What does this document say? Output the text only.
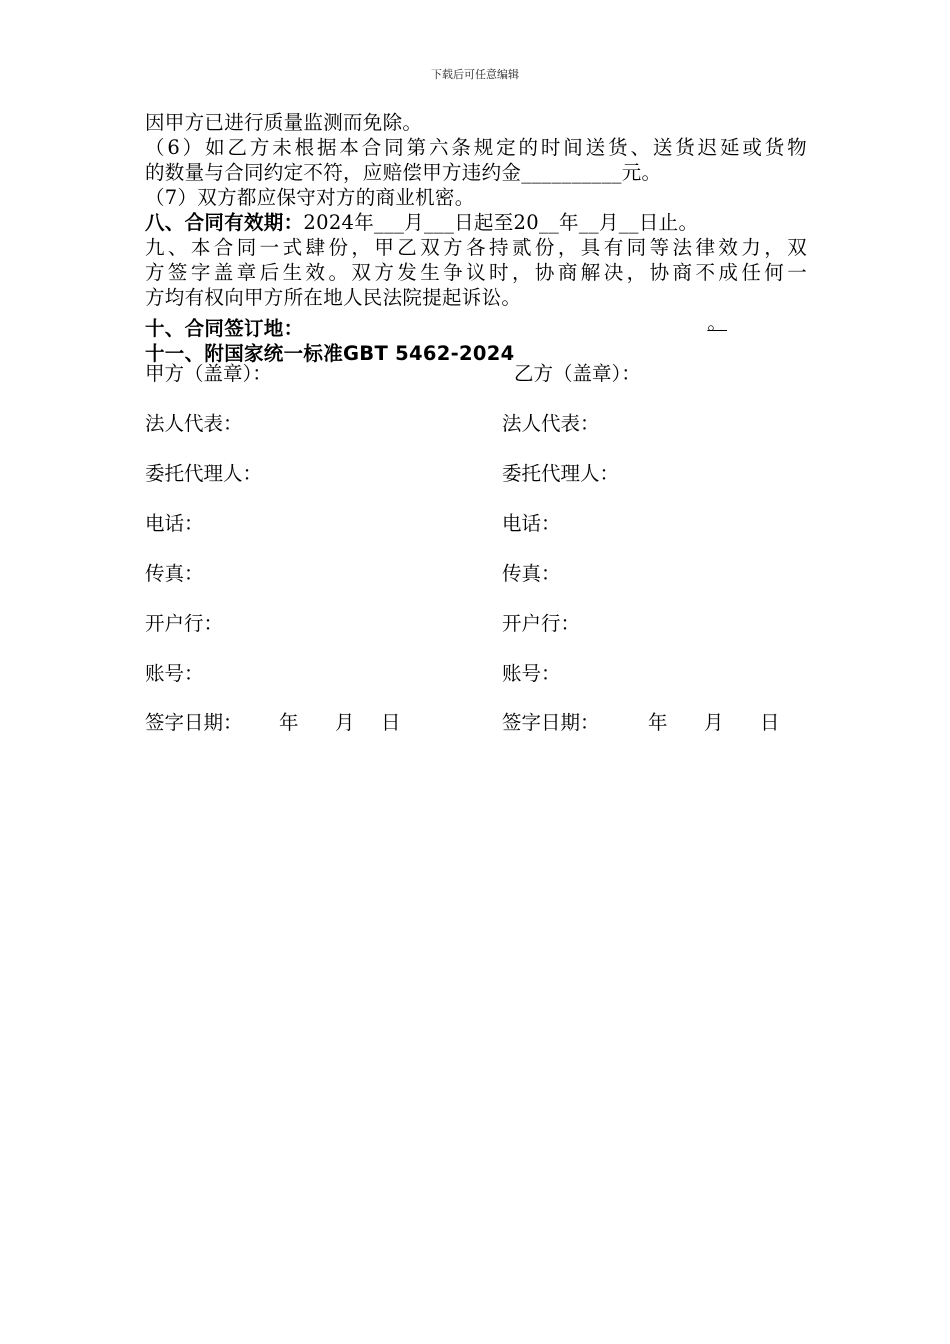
下载后可任意编辑

因甲方已进行质量监测而免除。

（6）如乙方未根据本合同第六条规定的时间送货、送货迟延或货物

的数量与合同约定不符，应赔偿甲方违约金__________元。

（7）双方都应保守对方的商业机密。

八、合同有效期：2024年___月___日起至20__年__月__日止。

九、本合同一式肆份，甲乙双方各持贰份，具有同等法律效力，双

方签字盖章后生效。双方发生争议时，协商解决，协商不成任何一

方均有权向甲方所在地人民法院提起诉讼。

十、合同签订地：	。

十一、附国家统一标准GBT 5462-2024

甲方（盖章）：	乙方（盖章）：
法人代表：	法人代表：
委托代理人：	委托代理人：
电话：	电话：
传真：	传真：
开户行：	开户行：
账号：	账号：
签字日期： 年 月 日	签字日期： 年 月 日
